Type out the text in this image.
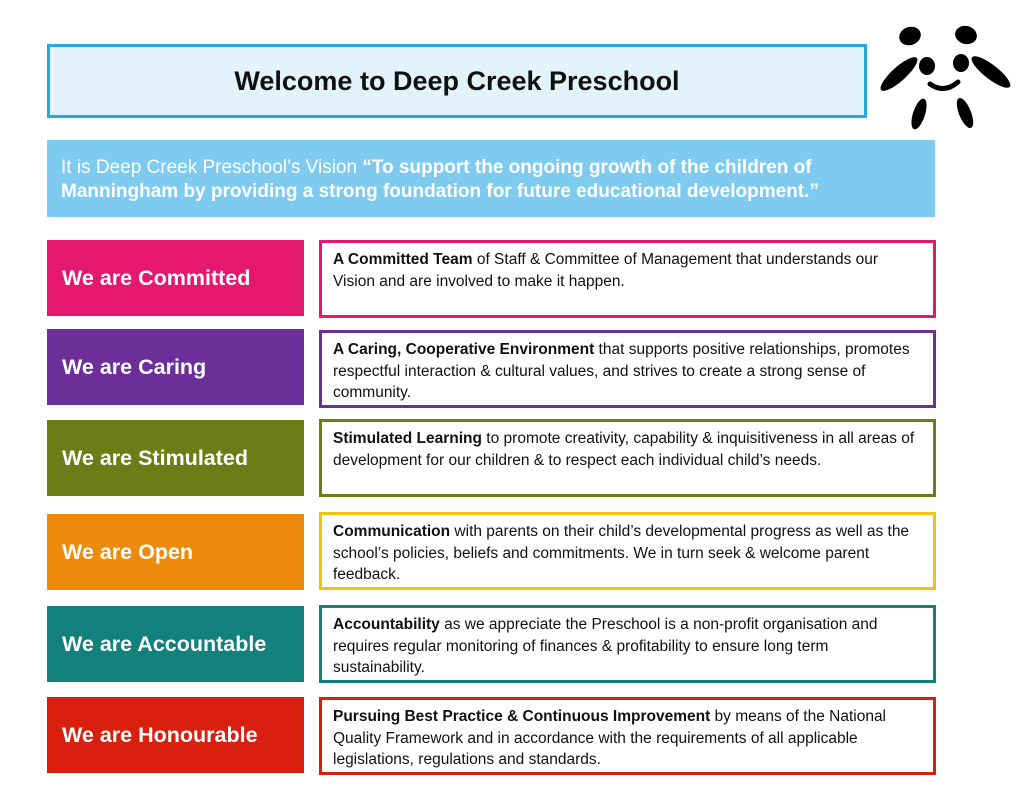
Welcome to Deep Creek Preschool
It is Deep Creek Preschool’s Vision “To support the ongoing growth of the children of Manningham by providing a strong foundation for future educational development.”
We are Committed
A Committed Team of Staff & Committee of Management that understands our Vision and are involved to make it happen.
We are Caring
A Caring, Cooperative Environment that supports positive relationships, promotes respectful interaction & cultural values, and strives to create a strong sense of community.
We are Stimulated
Stimulated Learning to promote creativity, capability & inquisitiveness in all areas of development for our children & to respect each individual child’s needs.
We are Open
Communication with parents on their child’s developmental progress as well as the school’s policies, beliefs and commitments. We in turn seek & welcome parent feedback.
We are Accountable
Accountability as we appreciate the Preschool is a non-profit organisation and requires regular monitoring of finances & profitability to ensure long term sustainability.
We are Honourable
Pursuing Best Practice & Continuous Improvement by means of the National Quality Framework and in accordance with the requirements of all applicable legislations, regulations and standards.
